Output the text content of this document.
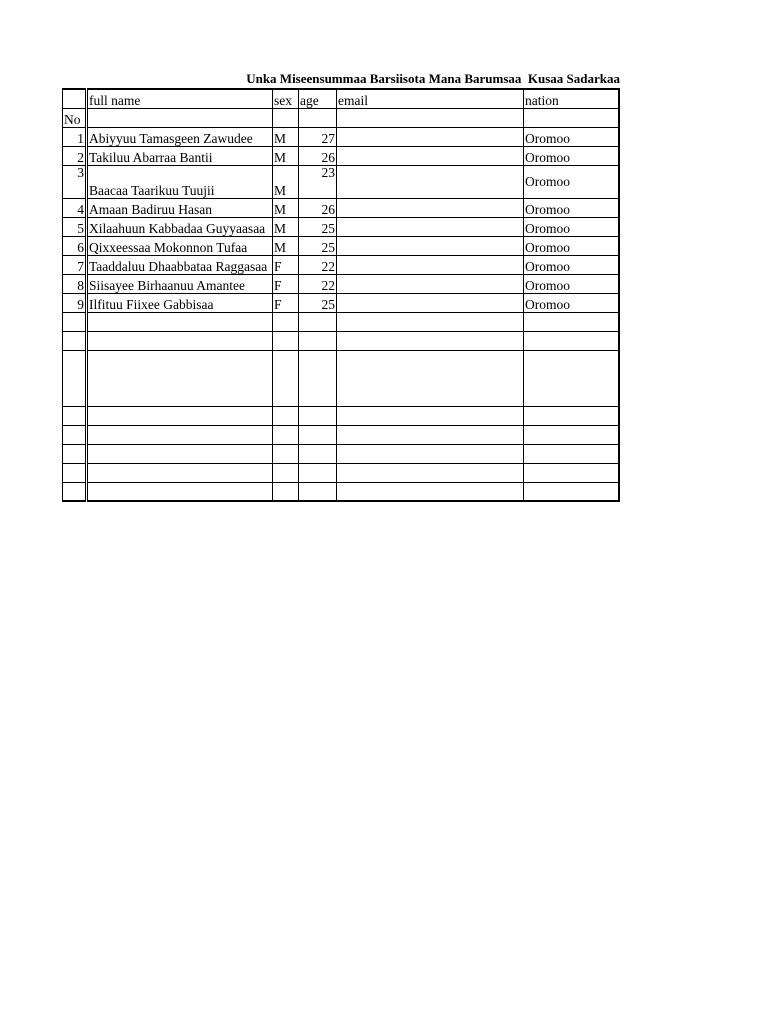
Unka Miseensummaa Barsiisota Mana Barumsaa  Kusaa Sadarkaa
	full name	sex	age	email	nation
No					
1	Abiyyuu Tamasgeen Zawudee	M	27		Oromoo
2	Takiluu Abarraa Bantii	M	26		Oromoo
3	Baacaa Taarikuu Tuujii	M	23		Oromoo
4	Amaan Badiruu Hasan	M	26		Oromoo
5	Xilaahuun Kabbadaa Guyyaasaa	M	25		Oromoo
6	Qixxeessaa Mokonnon Tufaa	M	25		Oromoo
7	Taaddaluu Dhaabbataa Raggasaa	F	22		Oromoo
8	Siisayee Birhaanuu Amantee	F	22		Oromoo
9	Ilfituu Fiixee Gabbisaa	F	25		Oromoo
